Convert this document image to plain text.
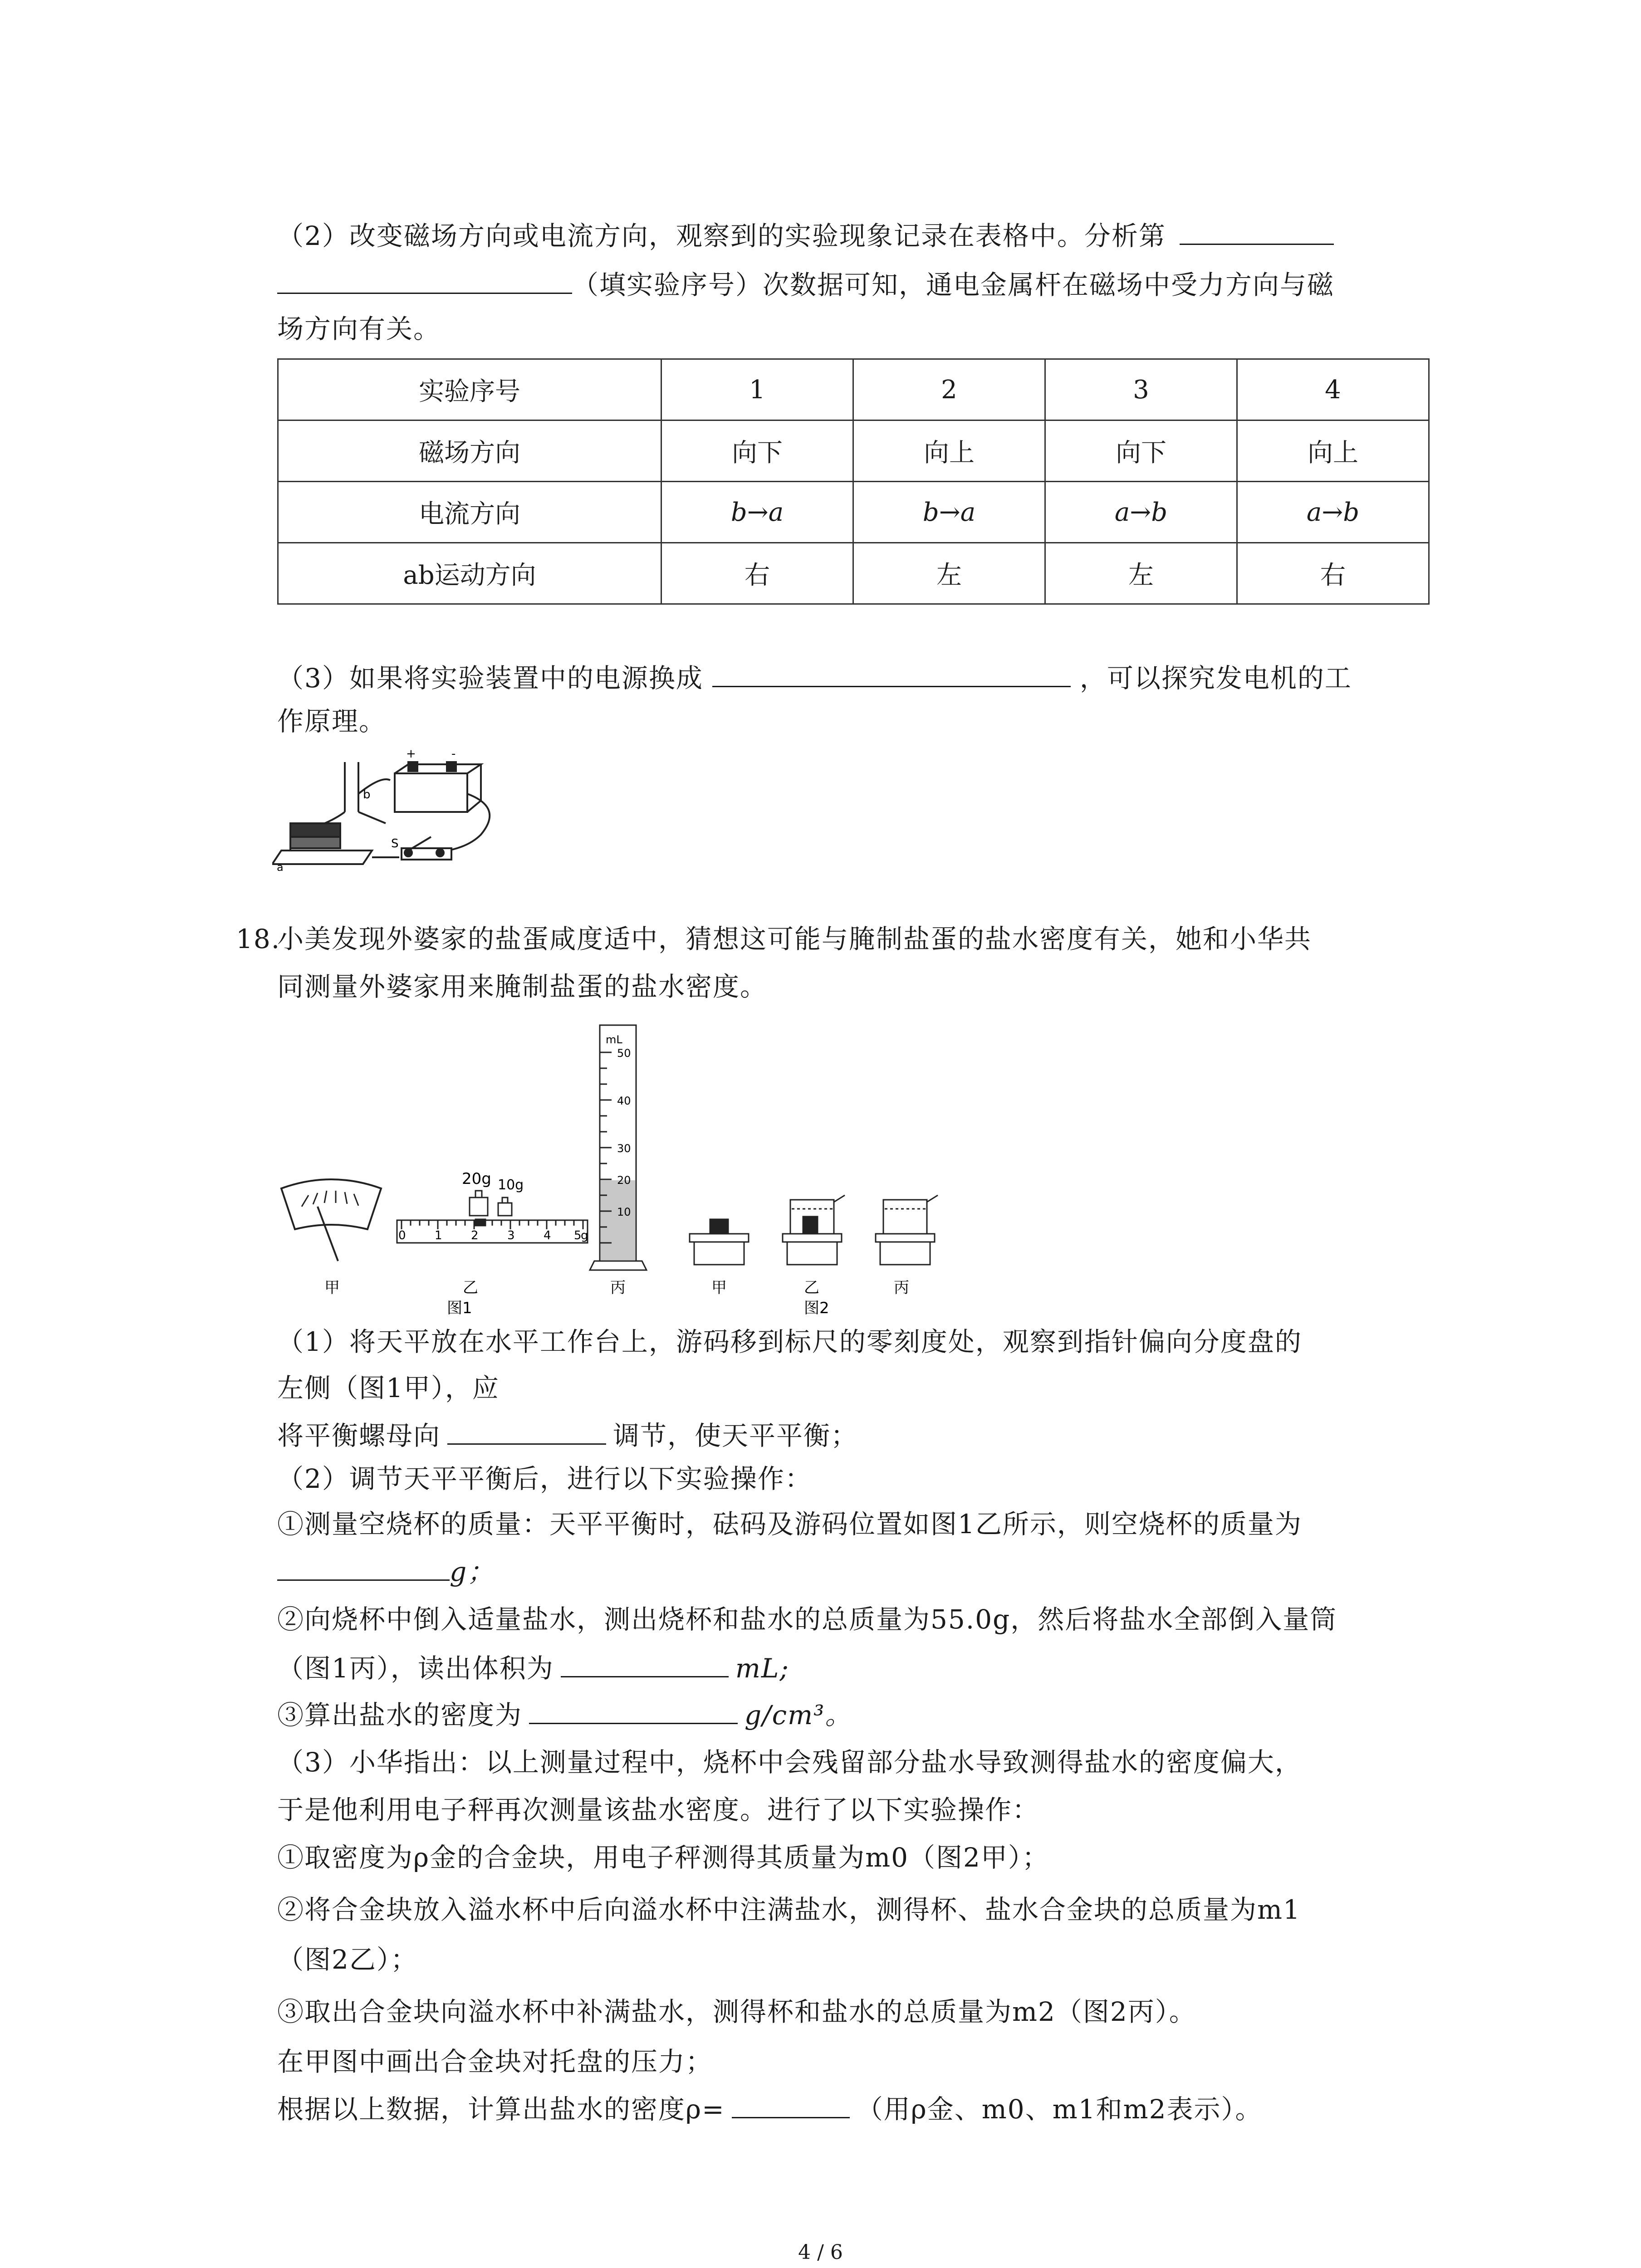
（2）改变磁场方向或电流方向，观察到的实验现象记录在表格中。分析第
（填实验序号）次数据可知，通电金属杆在磁场中受力方向与磁
场方向有关。
实验序号	1	2	3	4
磁场方向	向下	向上	向下	向上
电流方向	b→a	b→a	a→b	a→b
ab运动方向	右	左	左	右
（3）如果将实验装置中的电源换成	，可以探究发电机的工
作原理。
a
b
S
+	-
18.
小美发现外婆家的盐蛋咸度适中，猜想这可能与腌制盐蛋的盐水密度有关，她和小华共
同测量外婆家用来腌制盐蛋的盐水密度。
20g 10g
0 1 2 3 4 5
g
mL
50
40
30
20
10
甲	乙	丙
图1
甲	乙	丙
图2
（1）将天平放在水平工作台上，游码移到标尺的零刻度处，观察到指针偏向分度盘的
左侧（图1甲），应
将平衡螺母向	调节，使天平平衡；
（2）调节天平平衡后，进行以下实验操作：
①测量空烧杯的质量：天平平衡时，砝码及游码位置如图1乙所示，则空烧杯的质量为
g；
②向烧杯中倒入适量盐水，测出烧杯和盐水的总质量为55.0g，然后将盐水全部倒入量筒
（图1丙），读出体积为	mL;
③算出盐水的密度为	g/cm³。
（3）小华指出：以上测量过程中，烧杯中会残留部分盐水导致测得盐水的密度偏大，
于是他利用电子秤再次测量该盐水密度。进行了以下实验操作：
①取密度为ρ金的合金块，用电子秤测得其质量为m0（图2甲）；
②将合金块放入溢水杯中后向溢水杯中注满盐水，测得杯、盐水合金块的总质量为m1
（图2乙）；
③取出合金块向溢水杯中补满盐水，测得杯和盐水的总质量为m2（图2丙）。
在甲图中画出合金块对托盘的压力；
根据以上数据，计算出盐水的密度ρ=	（用ρ金、m0、m1和m2表示）。
4 / 6
